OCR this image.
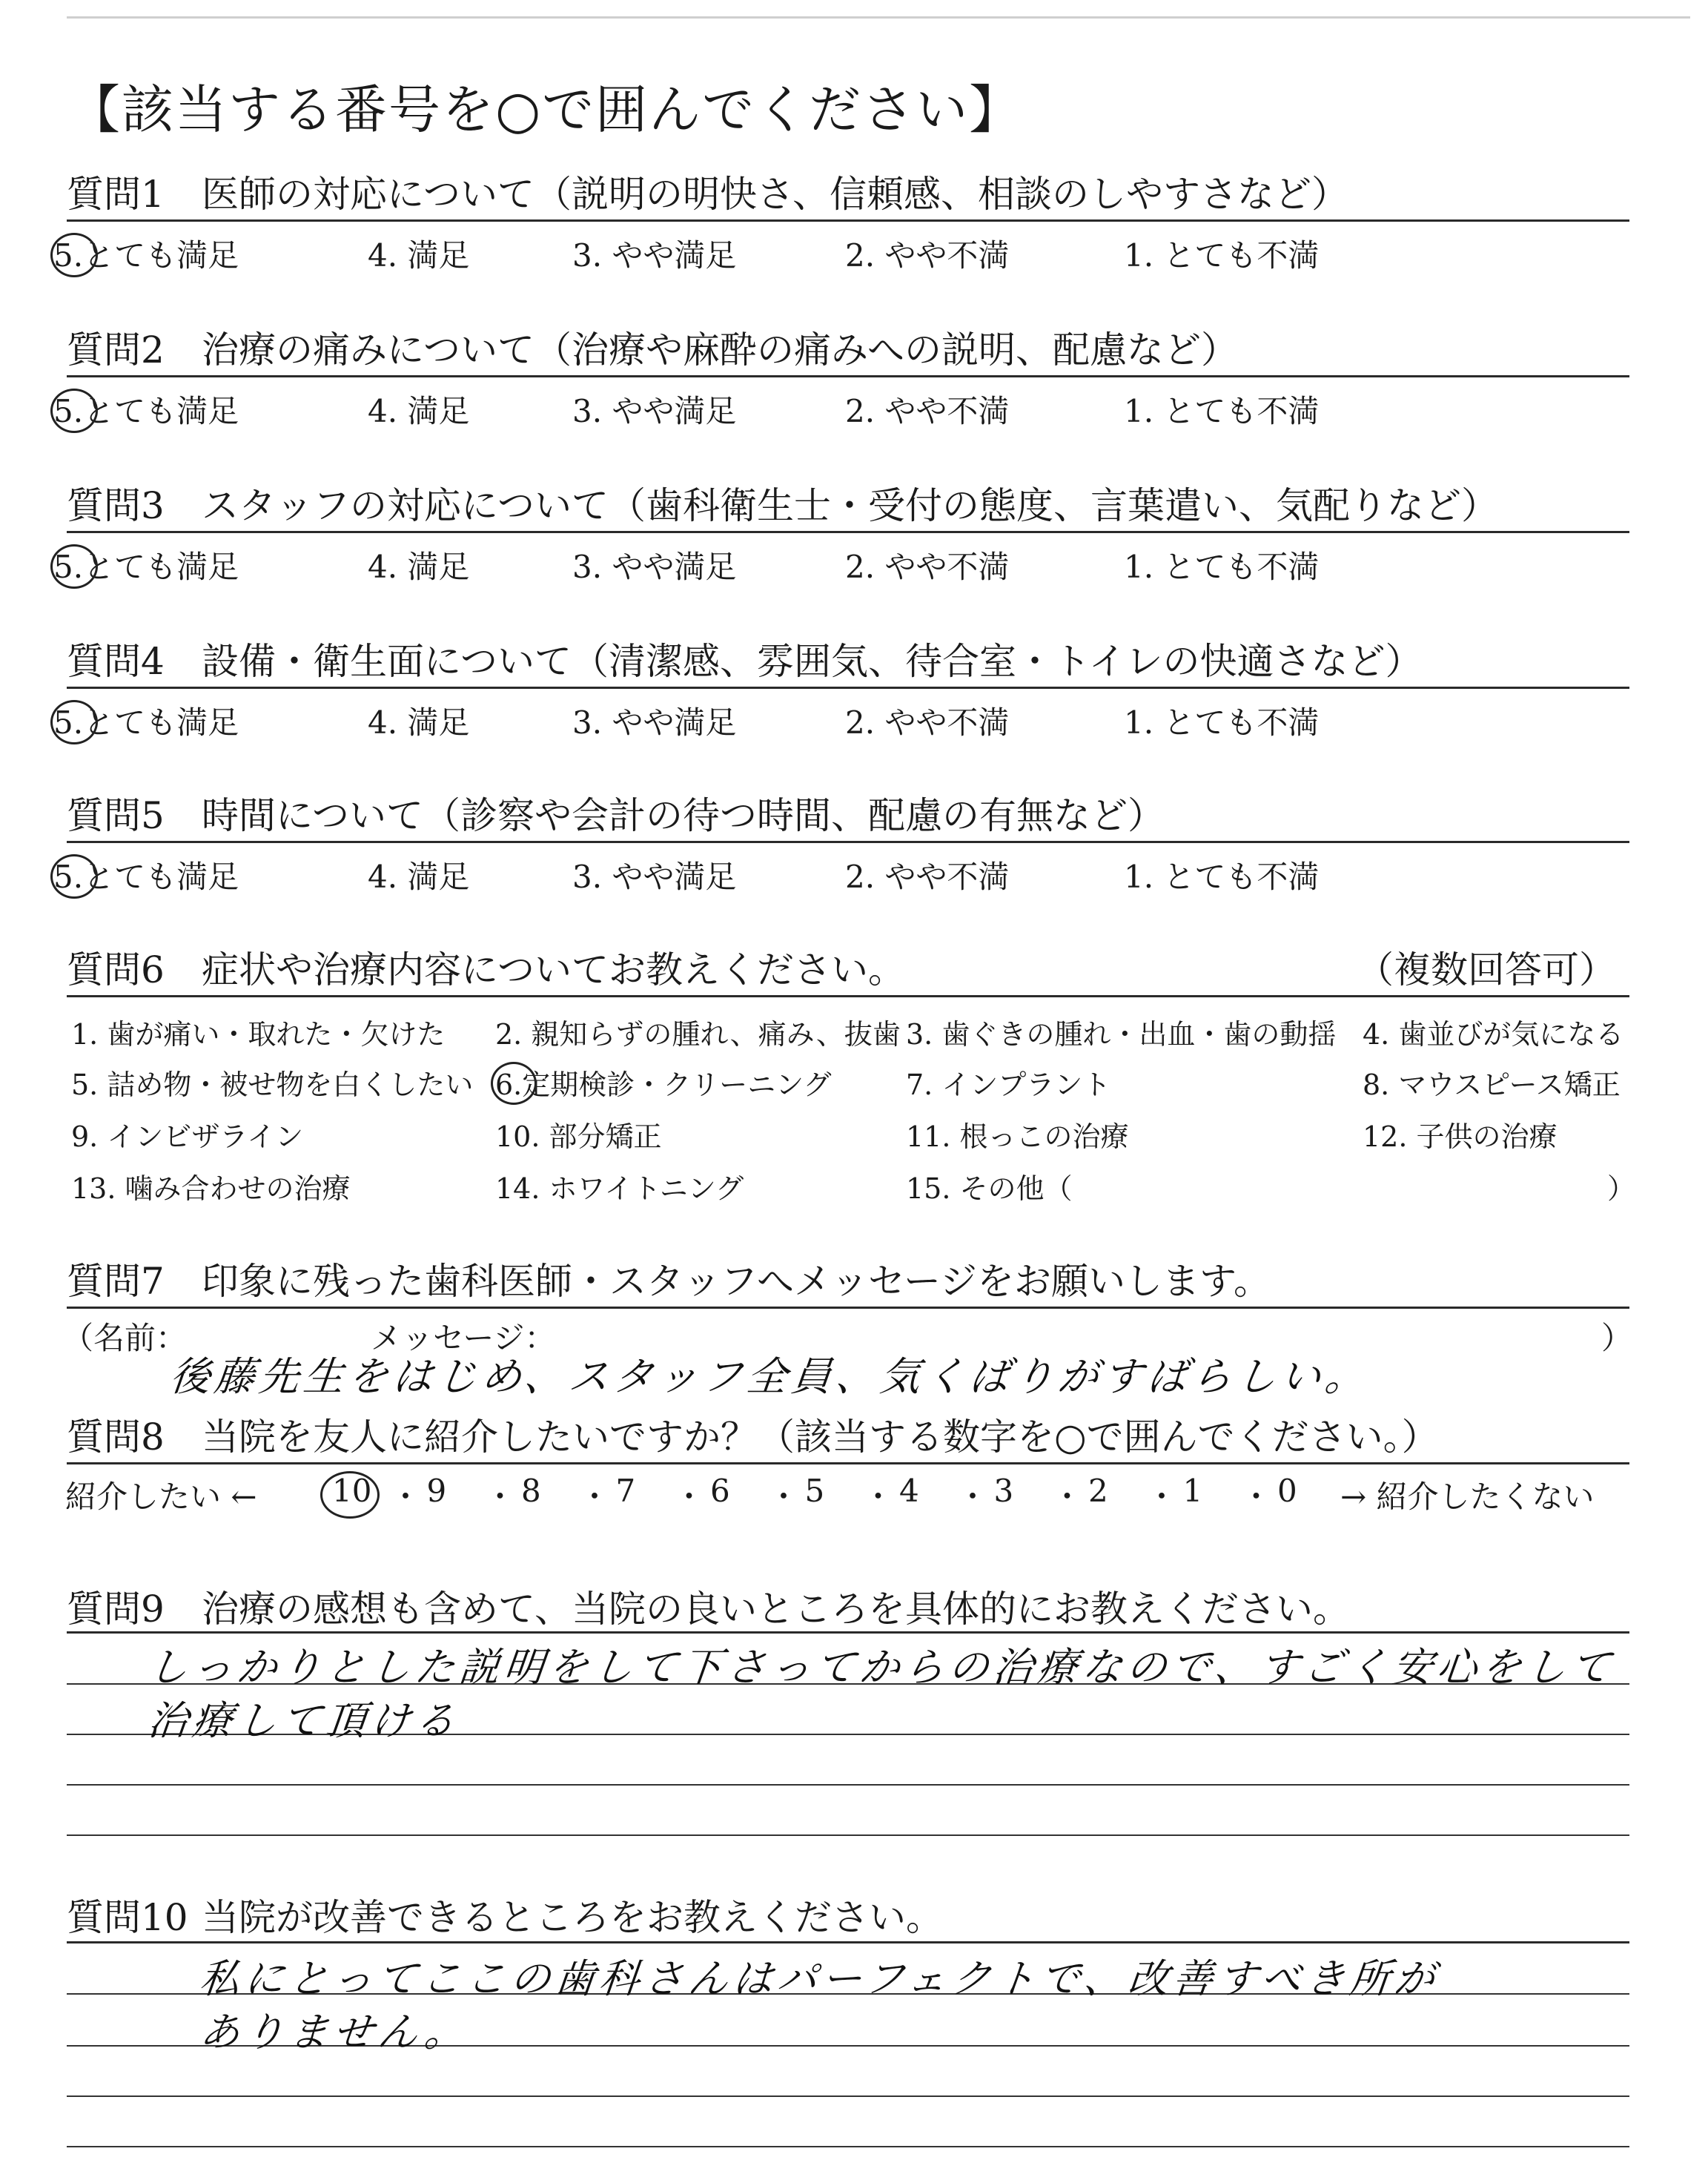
【該当する番号を○で囲んでください】
質問1 医師の対応について（説明の明快さ、信頼感、相談のしやすさなど）
5.とても満足	4. 満足	3. やや満足	2. やや不満	1. とても不満
質問2 治療の痛みについて（治療や麻酔の痛みへの説明、配慮など）
5.とても満足	4. 満足	3. やや満足	2. やや不満	1. とても不満
質問3 スタッフの対応について（歯科衛生士・受付の態度、言葉遣い、気配りなど）
5.とても満足	4. 満足	3. やや満足	2. やや不満	1. とても不満
質問4 設備・衛生面について（清潔感、雰囲気、待合室・トイレの快適さなど）
5.とても満足	4. 満足	3. やや満足	2. やや不満	1. とても不満
質問5 時間について（診察や会計の待つ時間、配慮の有無など）
5.とても満足	4. 満足	3. やや満足	2. やや不満	1. とても不満
質問6 症状や治療内容についてお教えください。	（複数回答可）
1. 歯が痛い・取れた・欠けた 2. 親知らずの腫れ、痛み、抜歯 3. 歯ぐきの腫れ・出血・歯の動揺 4. 歯並びが気になる
5. 詰め物・被せ物を白くしたい 6.定期検診・クリーニング	7. インプラント	8. マウスピース矯正
9. インビザライン	10. 部分矯正	11. 根っこの治療	12. 子供の治療
13. 噛み合わせの治療	14. ホワイトニング	15. その他（	）
質問7 印象に残った歯科医師・スタッフへメッセージをお願いします。
（名前：	メッセージ：	）
後藤先生をはじめ、スタッフ全員、気くばりがすばらしい。
質問8 当院を友人に紹介したいですか？（該当する数字を○で囲んでください。）
紹介したい ← 10 ・ 9 ・ 8 ・ 7 ・ 6 ・ 5 ・ 4 ・ 3 ・ 2 ・ 1 ・ 0 → 紹介したくない
質問9 治療の感想も含めて、当院の良いところを具体的にお教えください。
しっかりとした説明をして下さってからの治療なので、すごく安心をして
治療して頂ける
質問10 当院が改善できるところをお教えください。
私にとってここの歯科さんはパーフェクトで、改善すべき所が
ありません。
